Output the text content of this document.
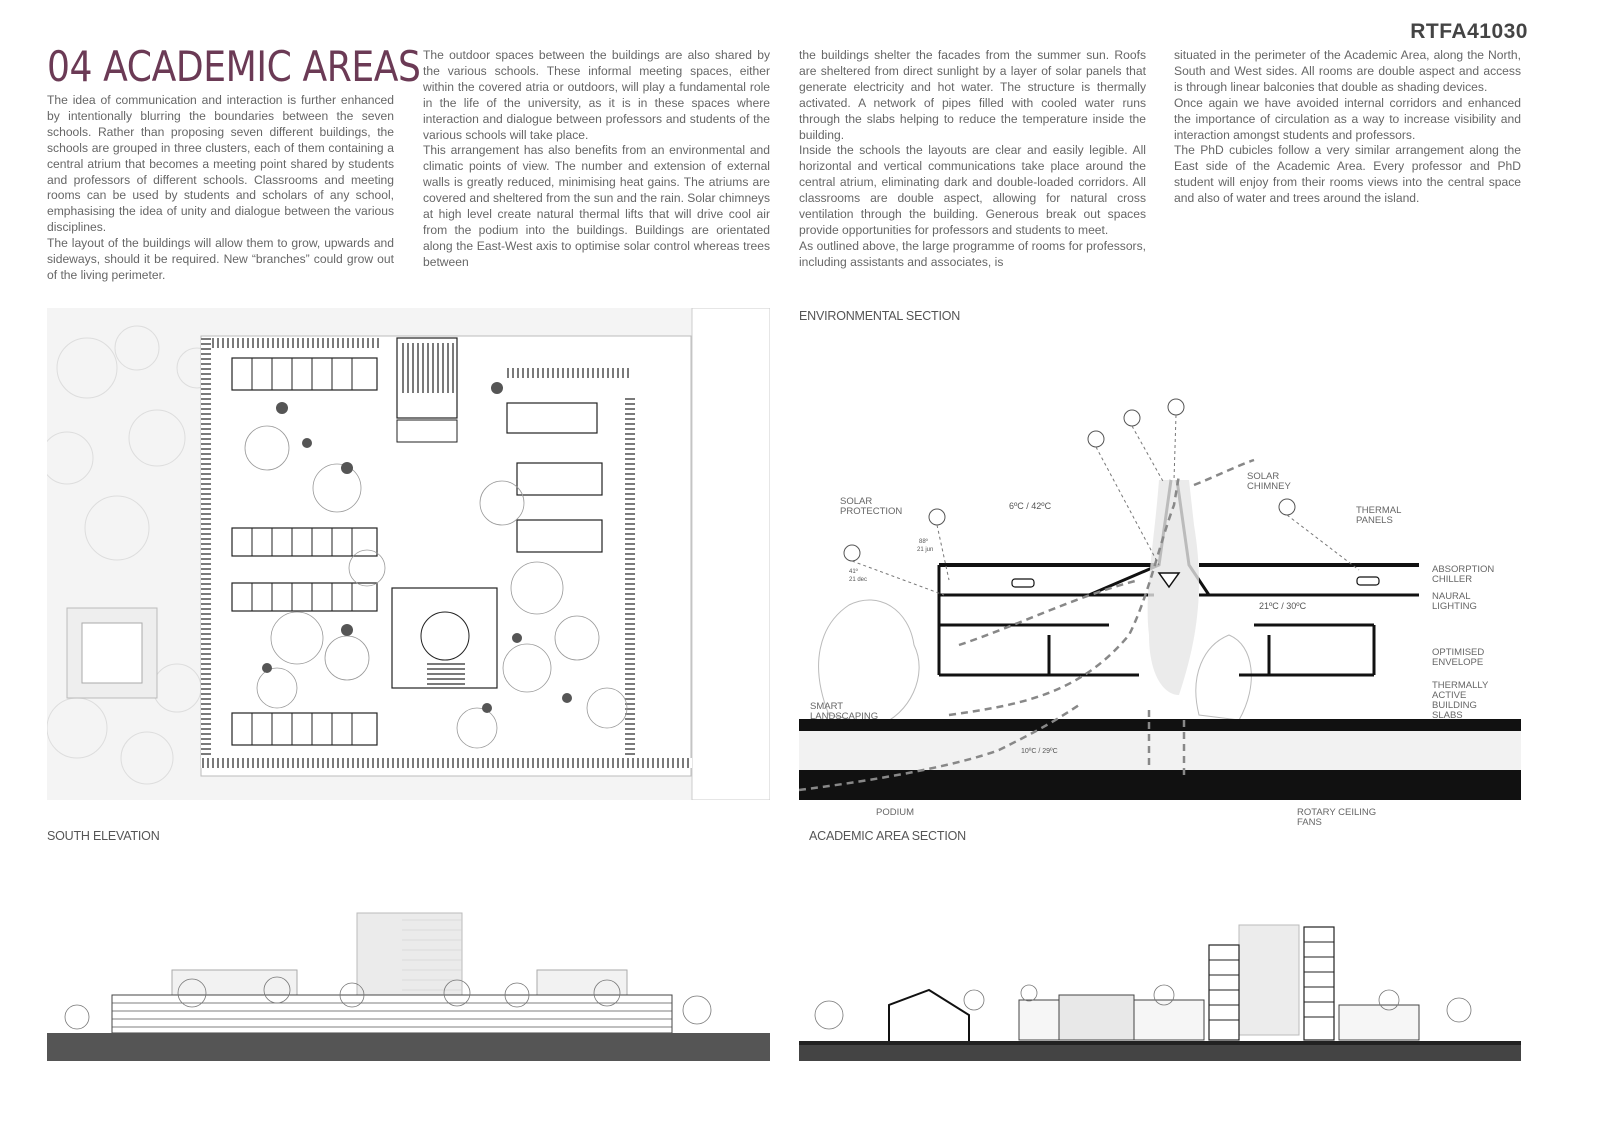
RTFA41030
04 ACADEMIC AREAS

The idea of communication and interaction is further enhanced by intentionally blurring the boundaries between the seven schools. Rather than proposing seven different buildings, the schools are grouped in three clusters, each of them containing a central atrium that becomes a meeting point shared by students and professors of different schools. Classrooms and meeting rooms can be used by students and scholars of any school, emphasising the idea of unity and dialogue between the various disciplines.

The layout of the buildings will allow them to grow, upwards and sideways, should it be required. New “branches” could grow out of the living perimeter.

The outdoor spaces between the buildings are also shared by the various schools. These informal meeting spaces, either within the covered atria or outdoors, will play a fundamental role in the life of the university, as it is in these spaces where interaction and dialogue between professors and students of the various schools will take place.

This arrangement has also benefits from an environmental and climatic points of view. The number and extension of external walls is greatly reduced, minimising heat gains. The atriums are covered and sheltered from the sun and the rain. Solar chimneys at high level create natural thermal lifts that will drive cool air from the podium into the buildings. Buildings are orientated along the East-West axis to optimise solar control whereas trees between

the buildings shelter the facades from the summer sun. Roofs are sheltered from direct sunlight by a layer of solar panels that generate electricity and hot water. The structure is thermally activated. A network of pipes filled with cooled water runs through the slabs helping to reduce the temperature inside the building.

Inside the schools the layouts are clear and easily legible. All horizontal and vertical communications take place around the central atrium, eliminating dark and double-loaded corridors. All classrooms are double aspect, allowing for natural cross ventilation through the building. Generous break out spaces provide opportunities for professors and students to meet.

As outlined above, the large programme of rooms for professors, including assistants and associates, is

situated in the perimeter of the Academic Area, along the North, South and West sides. All rooms are double aspect and access is through linear balconies that double as shading devices.

Once again we have avoided internal corridors and enhanced the importance of circulation as a way to increase visibility and interaction amongst students and professors.

The PhD cubicles follow a very similar arrangement along the East side of the Academic Area. Every professor and PhD student will enjoy from their rooms views into the central space and also of water and trees around the island.

ENVIRONMENTAL SECTION
SOUTH ELEVATION	ACADEMIC AREA SECTION
SOLAR
CHIMNEY
SOLAR
PROTECTION	THERMAL
PANELS
ABSORPTION
CHILLER
NAURAL
LIGHTING
OPTIMISED
ENVELOPE
THERMALLY
ACTIVE
BUILDING
SLABS
SMART
LANDSCAPING
PODIUM	ROTARY CEILING
FANS
6ºC / 42ºC
21ºC / 30ºC
10ºC / 29ºC
88º
21 jun
41º
21 dec
